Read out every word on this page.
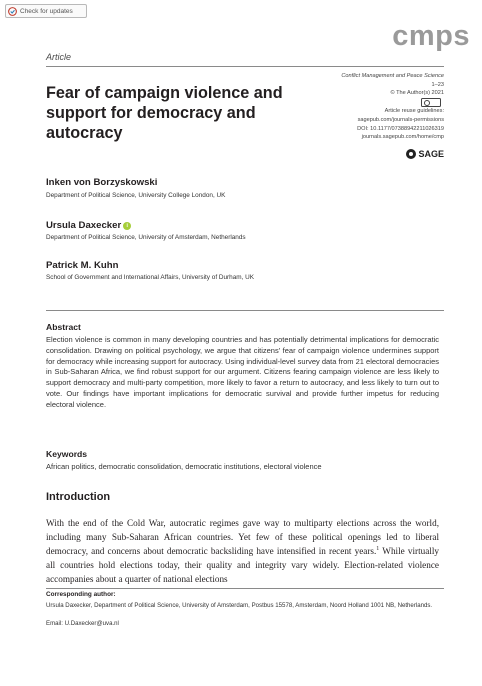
Check for updates
cmps
Article
Fear of campaign violence and support for democracy and autocracy
Conflict Management and Peace Science
1–23
© The Author(s) 2021
Article reuse guidelines:
sagepub.com/journals-permissions
DOI: 10.1177/07388942211026319
journals.sagepub.com/home/cmp
SAGE
Inken von Borzyskowski
Department of Political Science, University College London, UK
Ursula Daxecker	i
Department of Political Science, University of Amsterdam, Netherlands
Patrick M. Kuhn
School of Government and International Affairs, University of Durham, UK
Abstract
Election violence is common in many developing countries and has potentially detrimental implications for democratic consolidation. Drawing on political psychology, we argue that citizens’ fear of campaign violence undermines support for democracy while increasing support for autocracy. Using individual-level survey data from 21 electoral democracies in Sub-Saharan Africa, we find robust support for our argument. Citizens fearing campaign violence are less likely to support democracy and multi-party competition, more likely to favor a return to autocracy, and less likely to turn out to vote. Our findings have important implications for democratic survival and provide further impetus for reducing electoral violence.
Keywords
African politics, democratic consolidation, democratic institutions, electoral violence
Introduction
With the end of the Cold War, autocratic regimes gave way to multiparty elections across the world, including many Sub-Saharan African countries. Yet few of these political openings led to liberal democracy, and concerns about democratic backsliding have intensified in recent years.$^1$ While virtually all countries hold elections today, their quality and integrity vary widely. Election-related violence accompanies about a quarter of national elections
Corresponding author:
Ursula Daxecker, Department of Political Science, University of Amsterdam, Postbus 15578, Amsterdam, Noord Holland 1001 NB, Netherlands.
Email: U.Daxecker@uva.nl
